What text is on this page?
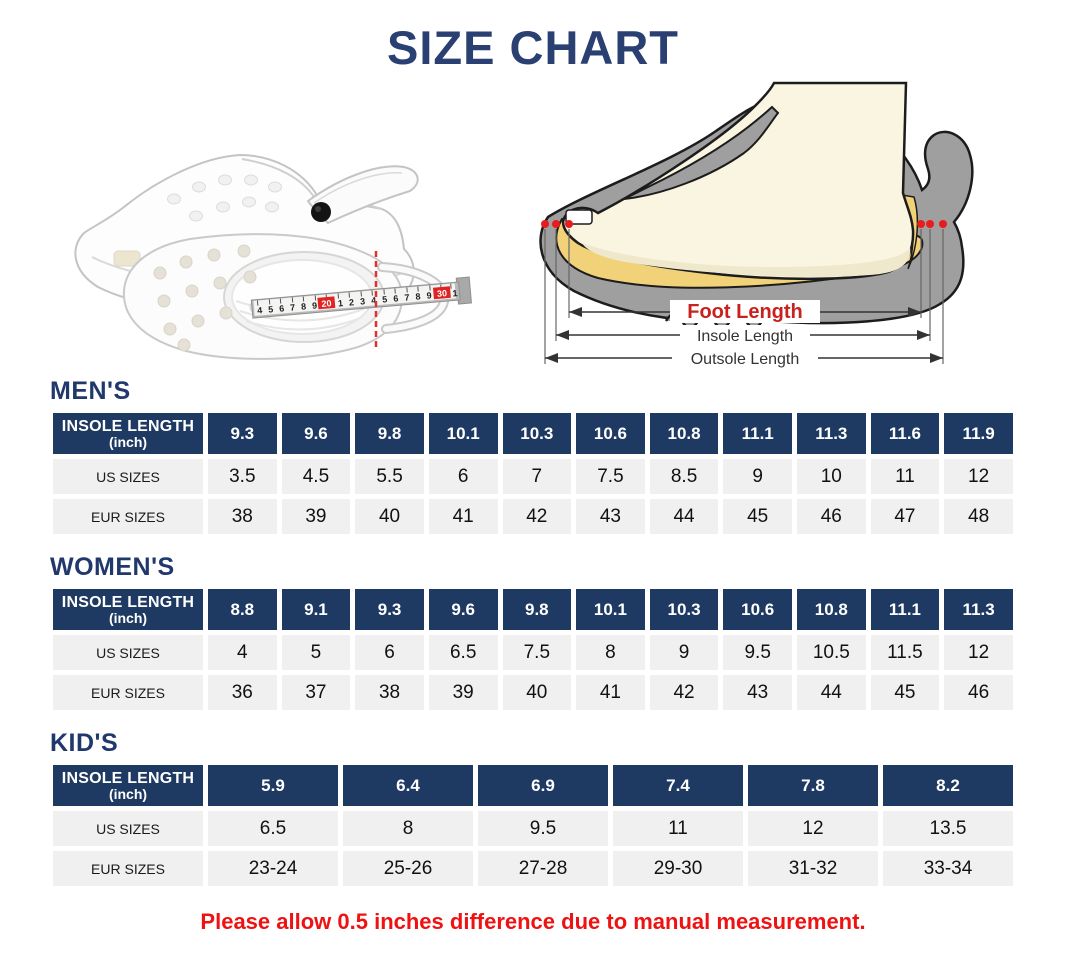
SIZE CHART
4 5 6 7 8 9 20 1 2 3 4 5 6 7 8 9 30 1
Foot Length
Insole Length
Outsole Length
MEN'S
INSOLE LENGTH
(inch)	9.3	9.6	9.8	10.1	10.3	10.6	10.8	11.1	11.3	11.6	11.9
US SIZES	3.5	4.5	5.5	6	7	7.5	8.5	9	10	11	12
EUR SIZES	38	39	40	41	42	43	44	45	46	47	48
WOMEN'S
INSOLE LENGTH
(inch)	8.8	9.1	9.3	9.6	9.8	10.1	10.3	10.6	10.8	11.1	11.3
US SIZES	4	5	6	6.5	7.5	8	9	9.5	10.5	11.5	12
EUR SIZES	36	37	38	39	40	41	42	43	44	45	46
KID'S
INSOLE LENGTH
(inch)	5.9	6.4	6.9	7.4	7.8	8.2
US SIZES	6.5	8	9.5	11	12	13.5
EUR SIZES	23-24	25-26	27-28	29-30	31-32	33-34
Please allow 0.5 inches difference due to manual measurement.
